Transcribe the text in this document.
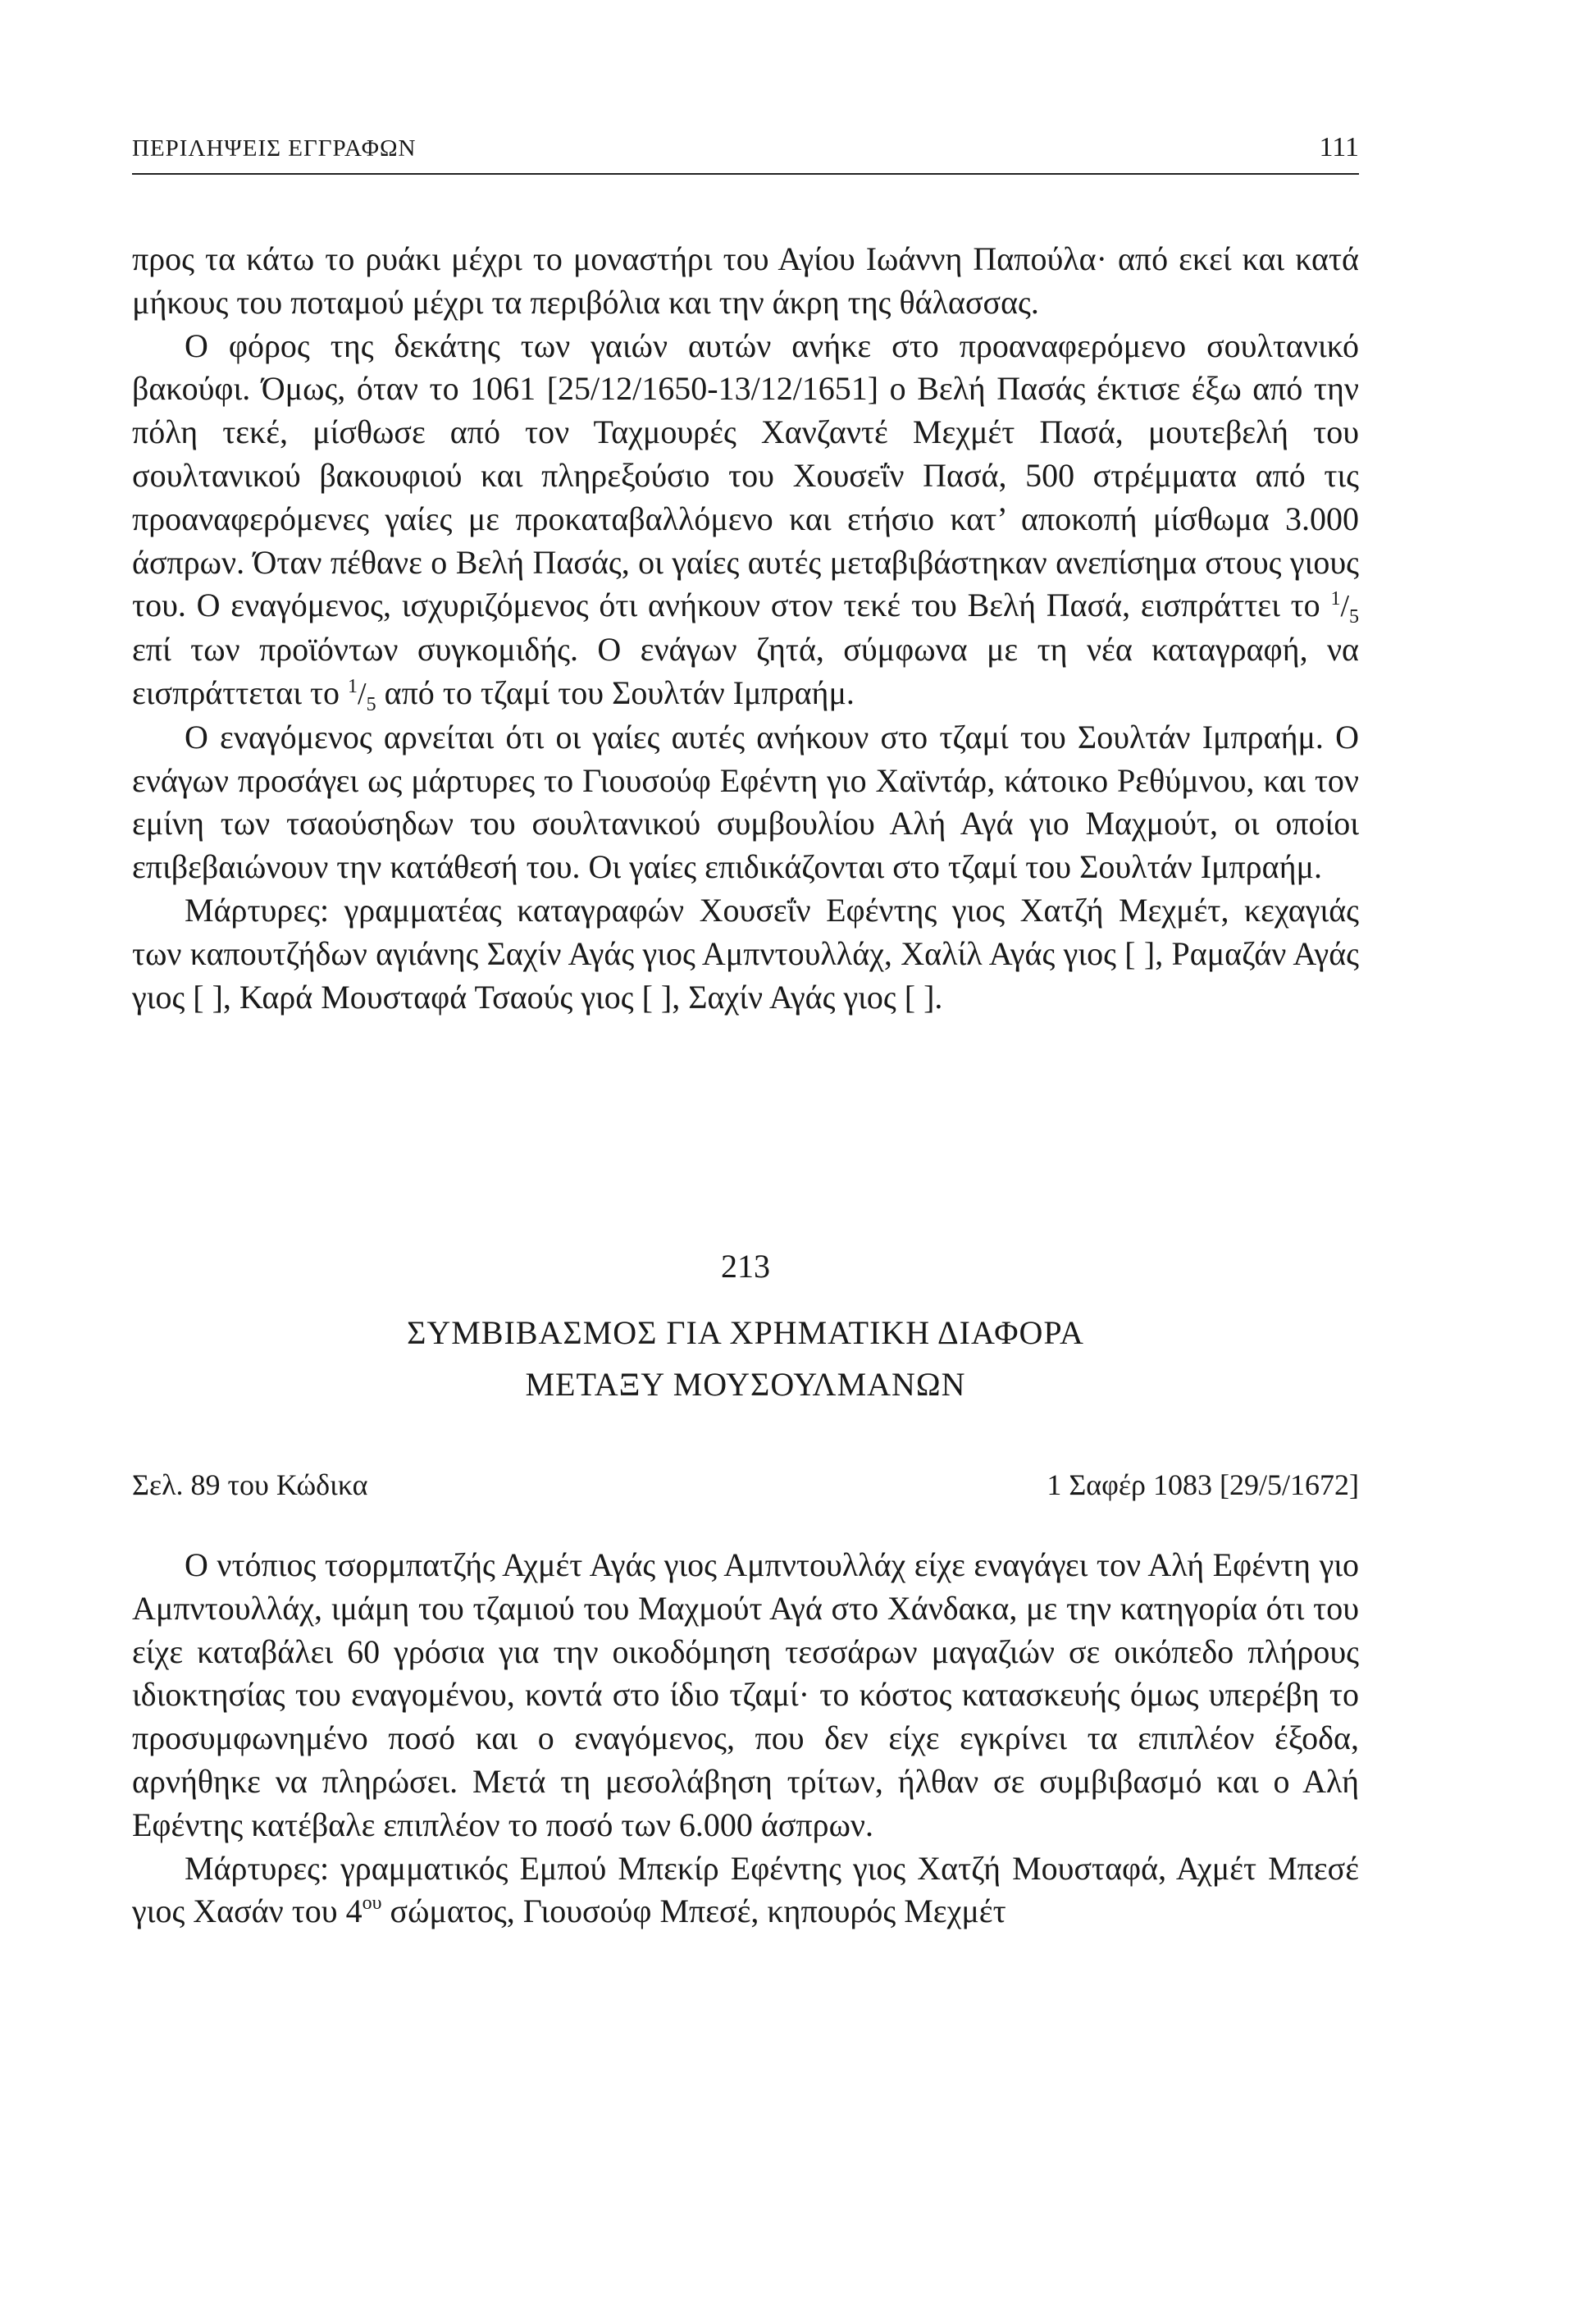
ΠΕΡΙΛΗΨΕΙΣ ΕΓΓΡΑΦΩΝ	111

προς τα κάτω το ρυάκι μέχρι το μοναστήρι του Αγίου Ιωάννη Παπούλα· από εκεί και κατά μήκους του ποταμού μέχρι τα περιβόλια και την άκρη της θάλασσας.

Ο φόρος της δεκάτης των γαιών αυτών ανήκε στο προαναφερόμενο σουλτανικό βακούφι. Όμως, όταν το 1061 [25/12/1650-13/12/1651] ο Βελή Πασάς έκτισε έξω από την πόλη τεκέ, μίσθωσε από τον Ταχμουρές Χανζαντέ Μεχμέτ Πασά, μουτεβελή του σουλτανικού βακουφιού και πληρεξούσιο του Χουσεΐν Πασά, 500 στρέμματα από τις προαναφερόμενες γαίες με προκαταβαλλόμενο και ετήσιο κατ’ αποκοπή μίσθωμα 3.000 άσπρων. Όταν πέθανε ο Βελή Πασάς, οι γαίες αυτές μεταβιβάστηκαν ανεπίσημα στους γιους του. Ο εναγόμενος, ισχυριζόμενος ότι ανήκουν στον τεκέ του Βελή Πασά, εισπράττει το $^1/_5$ επί των προϊόντων συγκομιδής. Ο ενάγων ζητά, σύμφωνα με τη νέα καταγραφή, να εισπράττεται το $^1/_5$ από το τζαμί του Σουλτάν Ιμπραήμ.

Ο εναγόμενος αρνείται ότι οι γαίες αυτές ανήκουν στο τζαμί του Σουλτάν Ιμπραήμ. Ο ενάγων προσάγει ως μάρτυρες το Γιουσούφ Εφέντη γιο Χαϊντάρ, κάτοικο Ρεθύμνου, και τον εμίνη των τσαούσηδων του σουλτανικού συμβουλίου Αλή Αγά γιο Μαχμούτ, οι οποίοι επιβεβαιώνουν την κατάθεσή του. Οι γαίες επιδικάζονται στο τζαμί του Σουλτάν Ιμπραήμ.

Μάρτυρες: γραμματέας καταγραφών Χουσεΐν Εφέντης γιος Χατζή Μεχμέτ, κεχαγιάς των καπουτζήδων αγιάνης Σαχίν Αγάς γιος Αμπντουλλάχ, Χαλίλ Αγάς γιος [ ], Ραμαζάν Αγάς γιος [ ], Καρά Μουσταφά Τσαούς γιος [ ], Σαχίν Αγάς γιος [ ].

213
ΣΥΜΒΙΒΑΣΜΟΣ ΓΙΑ ΧΡΗΜΑΤΙΚΗ ΔΙΑΦΟΡΑ
ΜΕΤΑΞΥ ΜΟΥΣΟΥΛΜΑΝΩΝ
Σελ. 89 του Κώδικα	1 Σαφέρ 1083 [29/5/1672]

Ο ντόπιος τσορμπατζής Αχμέτ Αγάς γιος Αμπντουλλάχ είχε εναγάγει τον Αλή Εφέντη γιο Αμπντουλλάχ, ιμάμη του τζαμιού του Μαχμούτ Αγά στο Χάνδακα, με την κατηγορία ότι του είχε καταβάλει 60 γρόσια για την οικοδόμηση τεσσάρων μαγαζιών σε οικόπεδο πλήρους ιδιοκτησίας του εναγομένου, κοντά στο ίδιο τζαμί· το κόστος κατασκευής όμως υπερέβη το προσυμφωνημένο ποσό και ο εναγόμενος, που δεν είχε εγκρίνει τα επιπλέον έξοδα, αρνήθηκε να πληρώσει. Μετά τη μεσολάβηση τρίτων, ήλθαν σε συμβιβασμό και ο Αλή Εφέντης κατέβαλε επιπλέον το ποσό των 6.000 άσπρων.

Μάρτυρες: γραμματικός Εμπού Μπεκίρ Εφέντης γιος Χατζή Μουσταφά, Αχμέτ Μπεσέ γιος Χασάν του $4^{o\upsilon}$ σώματος, Γιουσούφ Μπεσέ, κηπουρός Μεχμέτ
